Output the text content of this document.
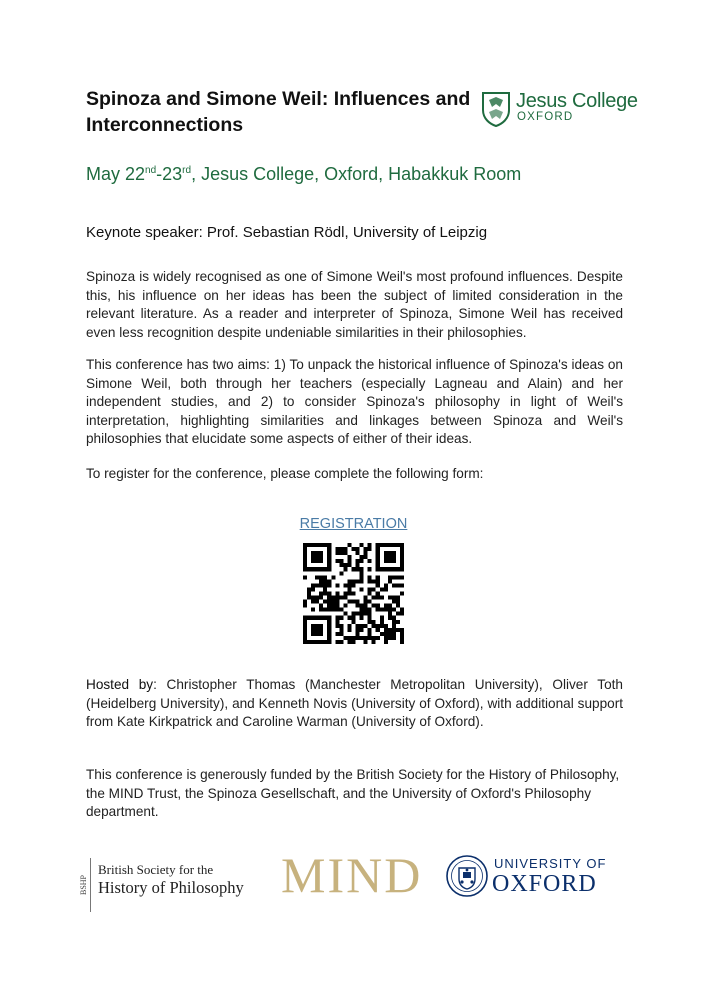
Spinoza and Simone Weil: Influences and Interconnections
Jesus College
OXFORD
May 22nd-23rd, Jesus College, Oxford, Habakkuk Room
Keynote speaker: Prof. Sebastian Rödl, University of Leipzig
Spinoza is widely recognised as one of Simone Weil's most profound influences. Despite this, his influence on her ideas has been the subject of limited consideration in the relevant literature. As a reader and interpreter of Spinoza, Simone Weil has received even less recognition despite undeniable similarities in their philosophies.
This conference has two aims: 1) To unpack the historical influence of Spinoza's ideas on Simone Weil, both through her teachers (especially Lagneau and Alain) and her independent studies, and 2) to consider Spinoza's philosophy in light of Weil's interpretation, highlighting similarities and linkages between Spinoza and Weil's philosophies that elucidate some aspects of either of their ideas.
To register for the conference, please complete the following form:
REGISTRATION
Hosted by: Christopher Thomas (Manchester Metropolitan University), Oliver Toth (Heidelberg University), and Kenneth Novis (University of Oxford), with additional support from Kate Kirkpatrick and Caroline Warman (University of Oxford).
This conference is generously funded by the British Society for the History of Philosophy, the MIND Trust, the Spinoza Gesellschaft, and the University of Oxford's Philosophy department.
BSHP
British Society for the
History of Philosophy MIND	UNIVERSITY OF
OXFORD
